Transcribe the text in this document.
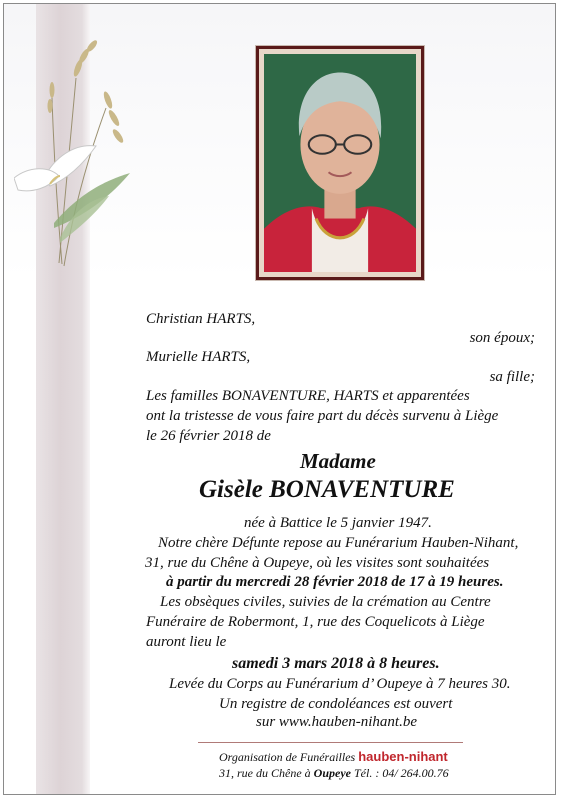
Christian HARTS,
son époux;
Murielle HARTS,
sa fille;
Les familles BONAVENTURE, HARTS et apparentées
ont la tristesse de vous faire part du décès survenu à Liège
le 26 février 2018 de
Madame
Gisèle BONAVENTURE
née à Battice le 5 janvier 1947.
Notre chère Défunte repose au Funérarium Hauben-Nihant,
31, rue du Chêne à Oupeye, où les visites sont souhaitées
à partir du mercredi 28 février 2018 de 17 à 19 heures.
Les obsèques civiles, suivies de la crémation au Centre
Funéraire de Robermont, 1, rue des Coquelicots à Liège
auront lieu le
samedi 3 mars 2018 à 8 heures.
Levée du Corps au Funérarium d’ Oupeye à 7 heures 30.
Un registre de condoléances est ouvert
sur www.hauben-nihant.be
Organisation de Funérailles hauben-nihant
31, rue du Chêne à Oupeye Tél. : 04/ 264.00.76
